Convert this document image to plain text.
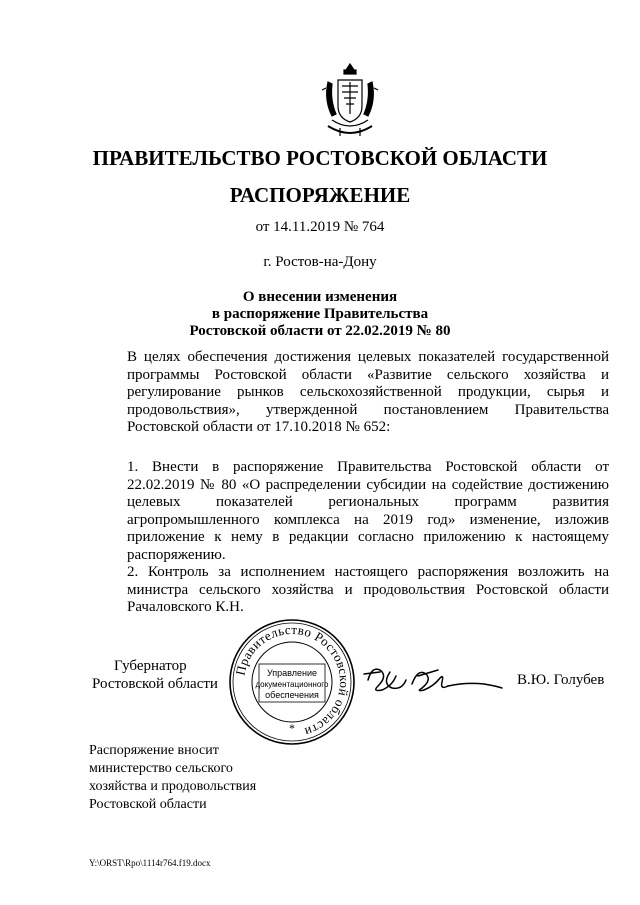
ПРАВИТЕЛЬСТВО РОСТОВСКОЙ ОБЛАСТИ
РАСПОРЯЖЕНИЕ
от 14.11.2019 № 764
г. Ростов-на-Дону
О внесении изменения
в распоряжение Правительства
Ростовской области от 22.02.2019 № 80
В целях обеспечения достижения целевых показателей государственной программы Ростовской области «Развитие сельского хозяйства и регулирование рынков сельскохозяйственной продукции, сырья и продовольствия», утвержденной постановлением Правительства Ростовской области от 17.10.2018 № 652:
1. Внести в распоряжение Правительства Ростовской области от 22.02.2019 № 80 «О распределении субсидии на содействие достижению целевых показателей региональных программ развития агропромышленного комплекса на 2019 год» изменение, изложив приложение к нему в редакции согласно приложению к настоящему распоряжению.
2. Контроль за исполнением настоящего распоряжения возложить на министра сельского хозяйства и продовольствия Ростовской области Рачаловского К.Н.
Губернатор
Ростовской области
Правительство Ростовской области
*
Управление
документационного
обеспечения
В.Ю. Голубев
Распоряжение вносит
министерство сельского
хозяйства и продовольствия
Ростовской области
Y:\ORST\Rpo\1114r764.f19.docx
